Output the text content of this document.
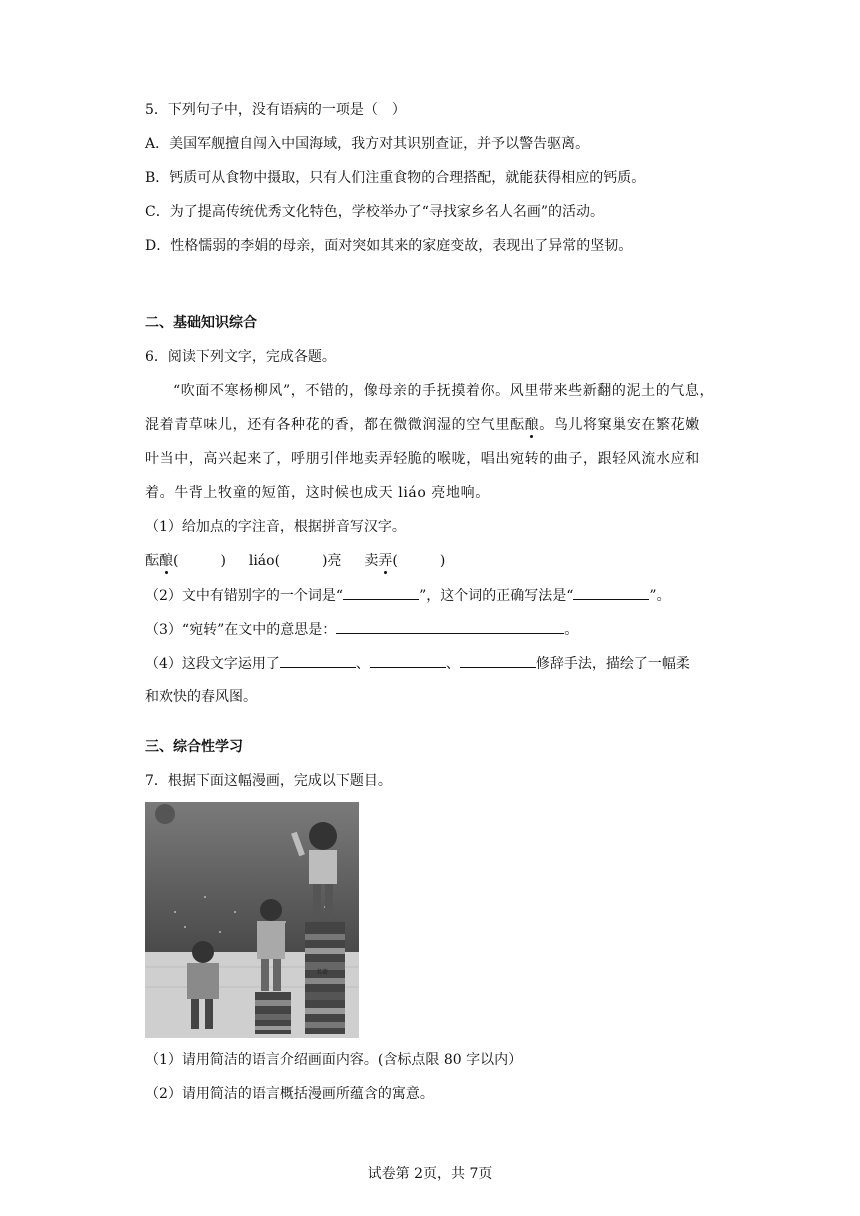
5．下列句子中，没有语病的一项是（　）
A．美国军舰擅自闯入中国海域，我方对其识别查证，并予以警告驱离。
B．钙质可从食物中摄取，只有人们注重食物的合理搭配，就能获得相应的钙质。
C．为了提高传统优秀文化特色，学校举办了“寻找家乡名人名画”的活动。
D．性格懦弱的李娟的母亲，面对突如其来的家庭变故，表现出了异常的坚韧。
二、基础知识综合
6．阅读下列文字，完成各题。
“吹面不寒杨柳风”，不错的，像母亲的手抚摸着你。风里带来些新翻的泥土的气息，
混着青草味儿，还有各种花的香，都在微微润湿的空气里酝酿。鸟儿将窠巢安在繁花嫩
叶当中，高兴起来了，呼朋引伴地卖弄轻脆的喉咙，唱出宛转的曲子，跟轻风流水应和
着。牛背上牧童的短笛，这时候也成天 liáo 亮地响。
（1）给加点的字注音，根据拼音写汉字。
酝酿(　　　) liáo(　　　)亮 卖弄(　　　)
（2）文中有错别字的一个词是“	”，这个词的正确写法是“	”。
（3）“宛转”在文中的意思是：	。
（4）这段文字运用了	、	、	修辞手法，描绘了一幅柔
和欢快的春风图。
三、综合性学习
7．根据下面这幅漫画，完成以下题目。
名著
（1）请用简洁的语言介绍画面内容。(含标点限 80 字以内）
（2）请用简洁的语言概括漫画所蕴含的寓意。
试卷第 2页，共 7页
